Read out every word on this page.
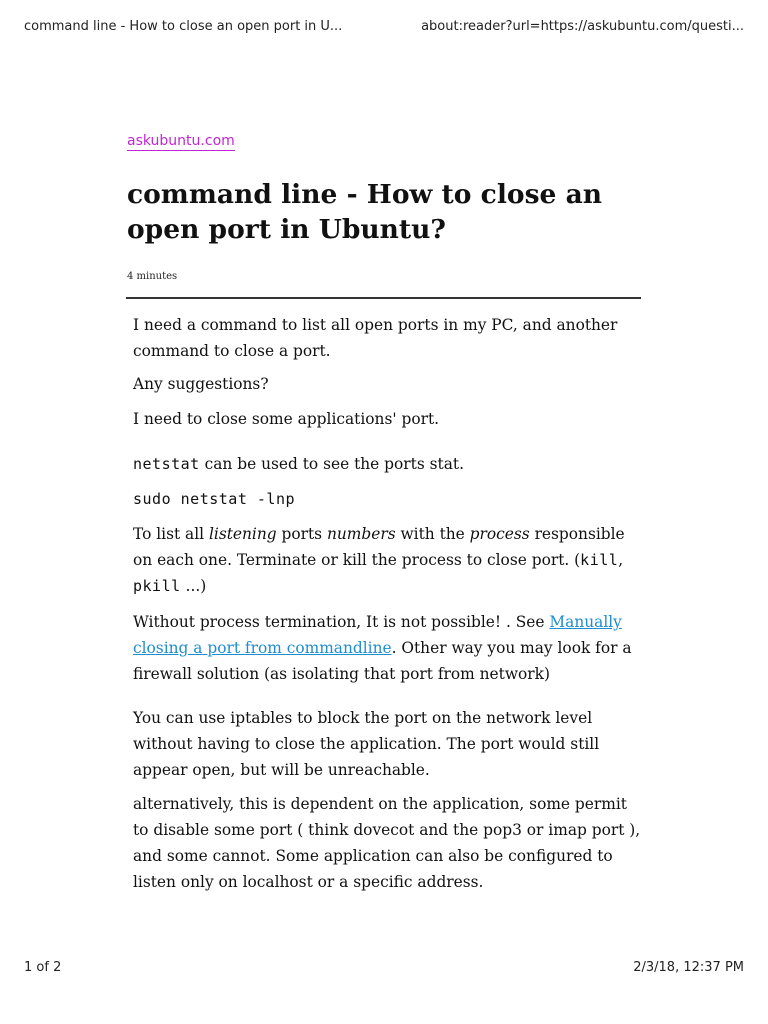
command line - How to close an open port in U...	about:reader?url=https://askubuntu.com/questi...
askubuntu.com
command line - How to close an open port in Ubuntu?
4 minutes

I need a command to list all open ports in my PC, and another command to close a port.

Any suggestions?

I need to close some applications' port.

netstat can be used to see the ports stat.

sudo netstat -lnp

To list all listening ports numbers with the process responsible on each one. Terminate or kill the process to close port. (kill, pkill ...)

Without process termination, It is not possible! . See Manually closing a port from commandline. Other way you may look for a firewall solution (as isolating that port from network)

You can use iptables to block the port on the network level without having to close the application. The port would still appear open, but will be unreachable.

alternatively, this is dependent on the application, some permit to disable some port ( think dovecot and the pop3 or imap port ), and some cannot. Some application can also be configured to listen only on localhost or a specific address.

1 of 2	2/3/18, 12:37 PM
